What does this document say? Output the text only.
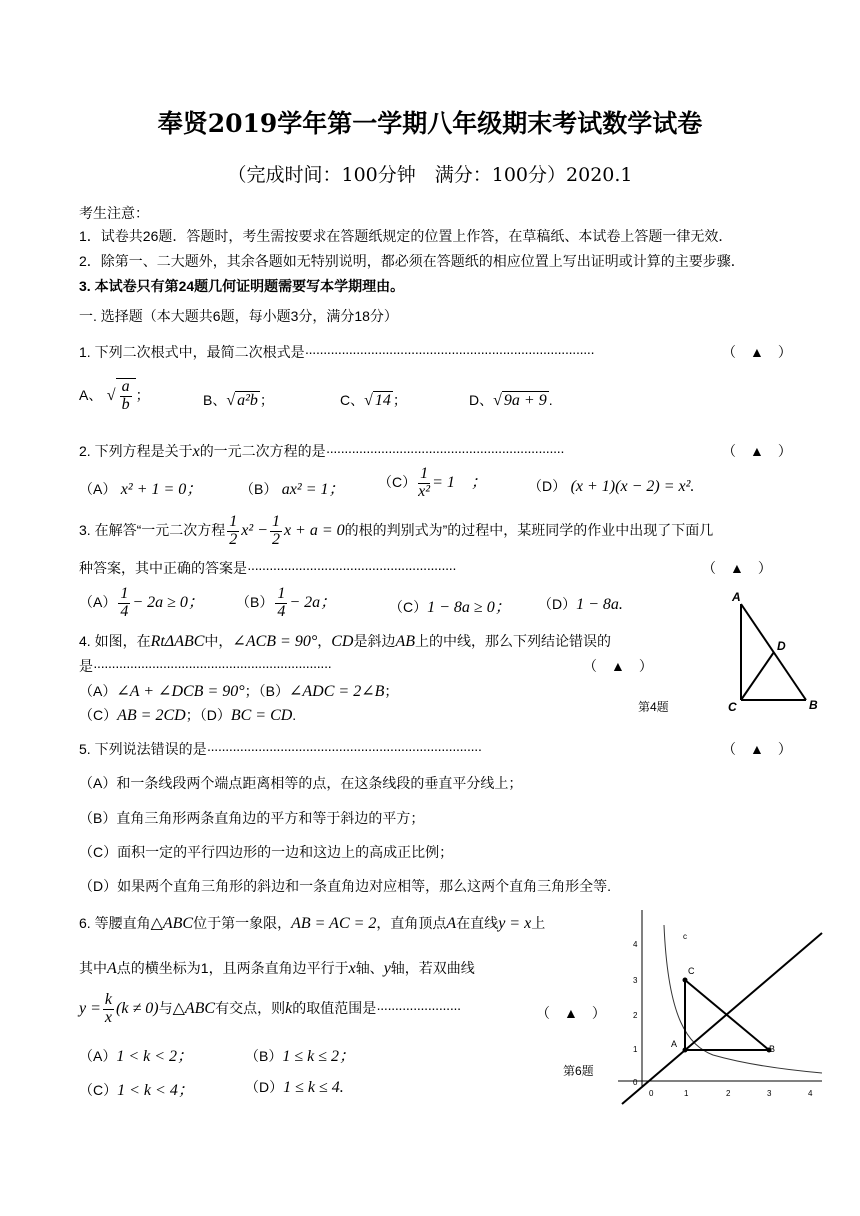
奉贤2019学年第一学期八年级期末考试数学试卷
（完成时间：100分钟　满分：100分）2020.1
考生注意：
1．试卷共26题．答题时，考生需按要求在答题纸规定的位置上作答，在草稿纸、本试卷上答题一律无效．
2．除第一、二大题外，其余各题如无特别说明，都必须在答题纸的相应位置上写出证明或计算的主要步骤．
3. 本试卷只有第24题几何证明题需要写本学期理由。
一. 选择题（本大题共6题，每小题3分，满分18分）
1. 下列二次根式中，最简二次根式是···············································································	（　▲　）
A、 √ $\frac{a}{b}$ ；	B、√ a²b ；	C、√ 14 ；	D、√ 9a + 9 .
2. 下列方程是关于x的一元二次方程的是·································································	（　▲　）
（A） x² + 1 = 0；	（B） ax² = 1； $(C) \frac{1}{\text{x²}} = 1$　；	（D） (x + 1)(x − 2) = x².
3. 在解答“一元二次方程 $\frac{1}{2} x^2 - \frac{1}{2}$ x + a = 0的根的判别式为”的过程中，某班同学的作业中出现了下面几
种答案，其中正确的答案是·························································	（　▲　）
$(A) \frac{1}{4} - 2a \ge 0$； $(B) \frac{1}{4} - 2a$；	（C）1 − 8a ≥ 0； （D）1 − 8a.
4. 如图，在RtΔABC中，∠ACB = 90°，CD是斜边AB上的中线，那么下列结论错误的
是·································································	（　▲　）
（A）∠A + ∠DCB = 90°；（B）∠ADC = 2∠B；
（C）AB = 2CD；（D）BC = CD.
A
D
C	B
第4题
5. 下列说法错误的是···········································································	（　▲　）
（A）和一条线段两个端点距离相等的点，在这条线段的垂直平分线上；
（B）直角三角形两条直角边的平方和等于斜边的平方；
（C）面积一定的平行四边形的一边和这边上的高成正比例；
（D）如果两个直角三角形的斜边和一条直角边对应相等，那么这两个直角三角形全等.
6. 等腰直角△ABC位于第一象限，AB = AC = 2，直角顶点A在直线y = x上
其中A点的横坐标为1，且两条直角边平行于x轴、y轴，若双曲线
$y = \frac{k}{x} (k \ne 0)$与△ABC有交点，则k的取值范围是·······················	（　▲　）
（A）1 < k < 2；	（B）1 ≤ k ≤ 2；
（C）1 < k < 4；	（D）1 ≤ k ≤ 4.
第6题
A
C
B
c
0
1
2
3
4
0	1	2	3	4
